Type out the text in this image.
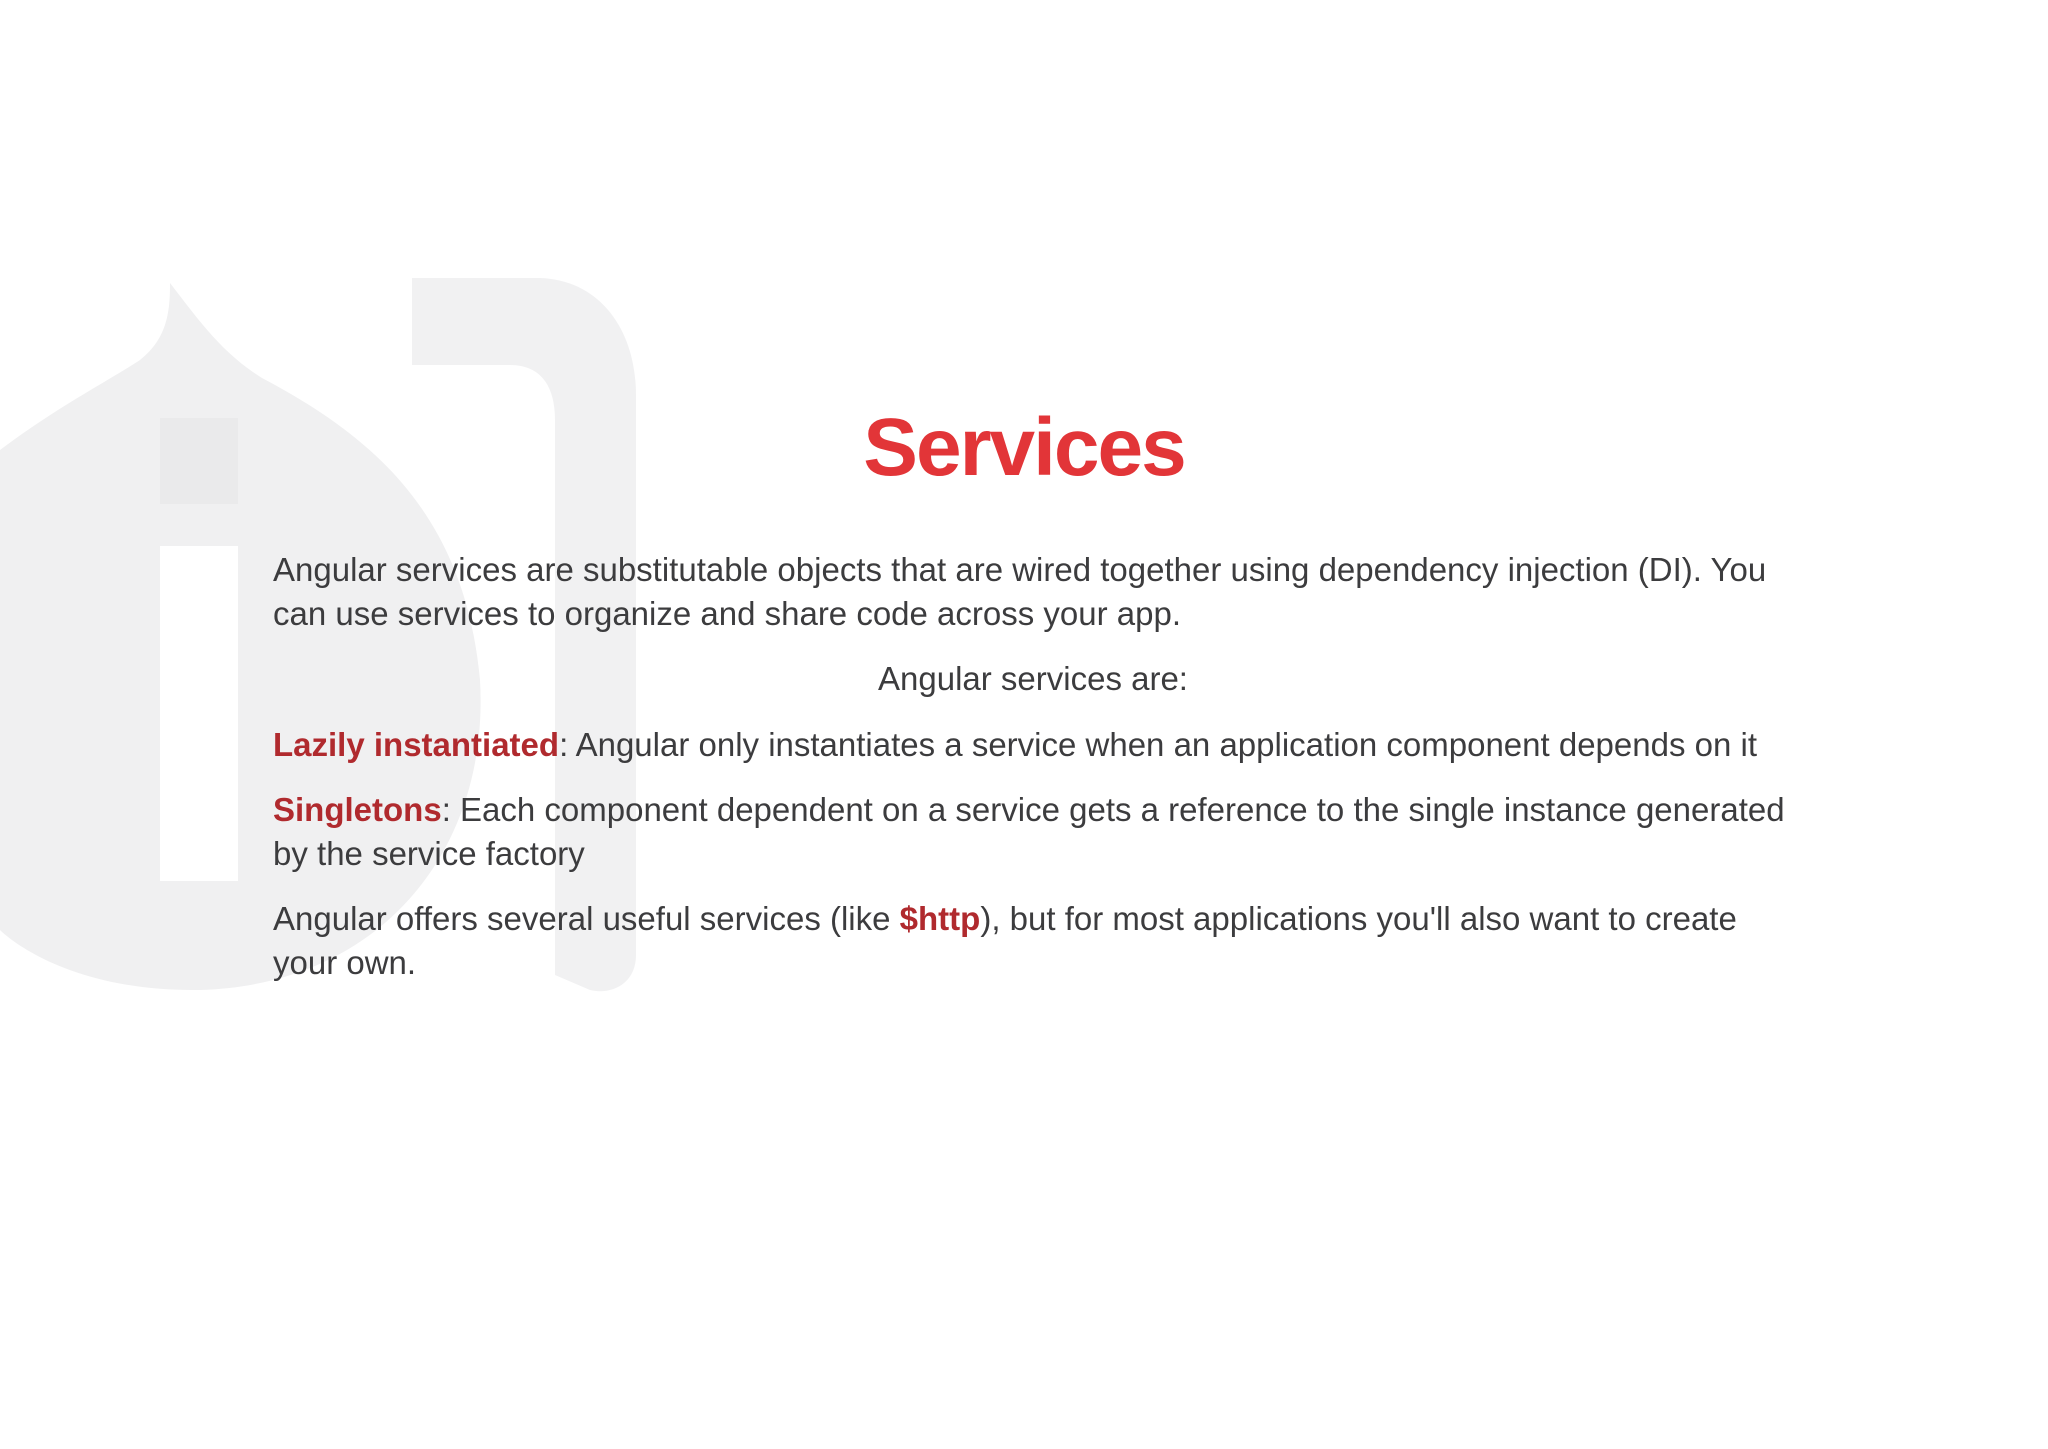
Services

Angular services are substitutable objects that are wired together using dependency injection (DI). You can use services to organize and share code across your app.

Angular services are:

Lazily instantiated: Angular only instantiates a service when an application component depends on it

Singletons: Each component dependent on a service gets a reference to the single instance generated by the service factory

Angular offers several useful services (like $http), but for most applications you'll also want to create your own.
